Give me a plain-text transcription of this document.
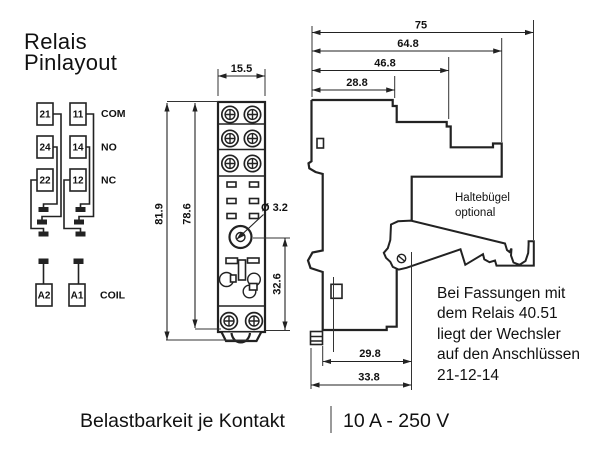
Relais
Pinlayout
21 11
24 14
22 12
A2 A1
COM
NO
NC
COIL
15.5
81.9 78.6	Ø 3.2
32.6
Haltebügel
optional
75
64.8
46.8
28.8
29.8
33.8
Bei Fassungen mit
dem Relais 40.51
liegt der Wechsler
auf den Anschlüssen
21-12-14
Belastbarkeit je Kontakt	10 A - 250 V
